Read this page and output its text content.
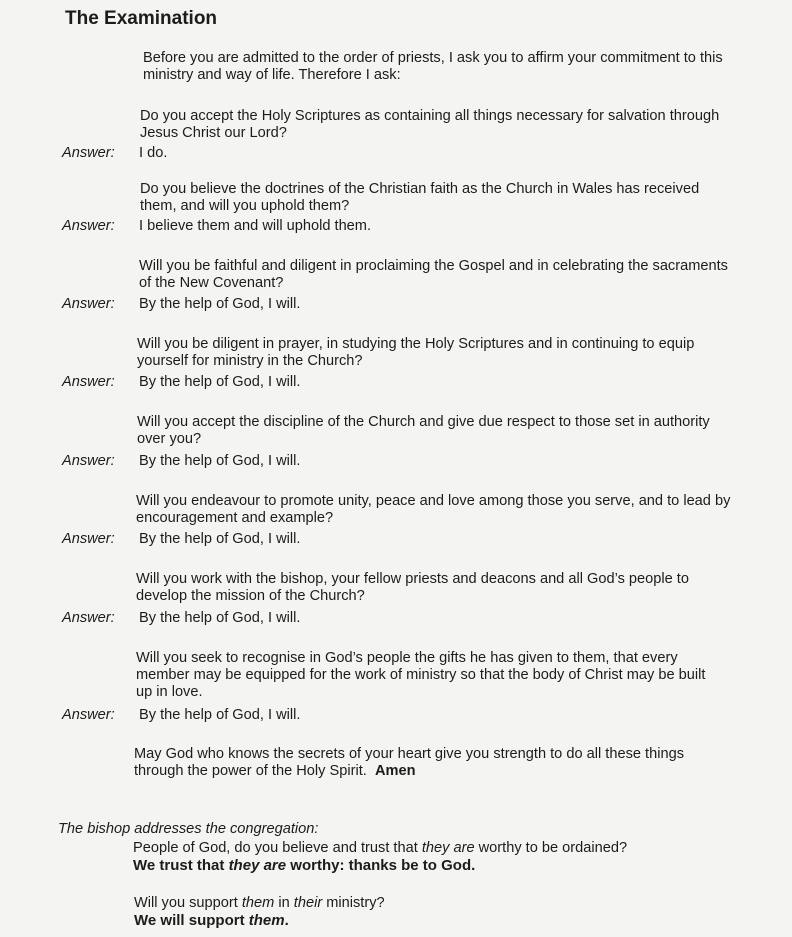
The Examination

Before you are admitted to the order of priests, I ask you to affirm your commitment to this

ministry and way of life. Therefore I ask:

Do you accept the Holy Scriptures as containing all things necessary for salvation through

Jesus Christ our Lord?

Answer: I do.

Do you believe the doctrines of the Christian faith as the Church in Wales has received

them, and will you uphold them?

Answer: I believe them and will uphold them.

Will you be faithful and diligent in proclaiming the Gospel and in celebrating the sacraments

of the New Covenant?

Answer: By the help of God, I will.

Will you be diligent in prayer, in studying the Holy Scriptures and in continuing to equip

yourself for ministry in the Church?

Answer: By the help of God, I will.

Will you accept the discipline of the Church and give due respect to those set in authority

over you?

Answer: By the help of God, I will.

Will you endeavour to promote unity, peace and love among those you serve, and to lead by

encouragement and example?

Answer: By the help of God, I will.

Will you work with the bishop, your fellow priests and deacons and all God’s people to

develop the mission of the Church?

Answer: By the help of God, I will.

Will you seek to recognise in God’s people the gifts he has given to them, that every

member may be equipped for the work of ministry so that the body of Christ may be built

up in love.

Answer: By the help of God, I will.

May God who knows the secrets of your heart give you strength to do all these things

through the power of the Holy Spirit. Amen

The bishop addresses the congregation:
People of God, do you believe and trust that they are worthy to be ordained?
We trust that they are worthy: thanks be to God.
Will you support them in their ministry?
We will support them.
